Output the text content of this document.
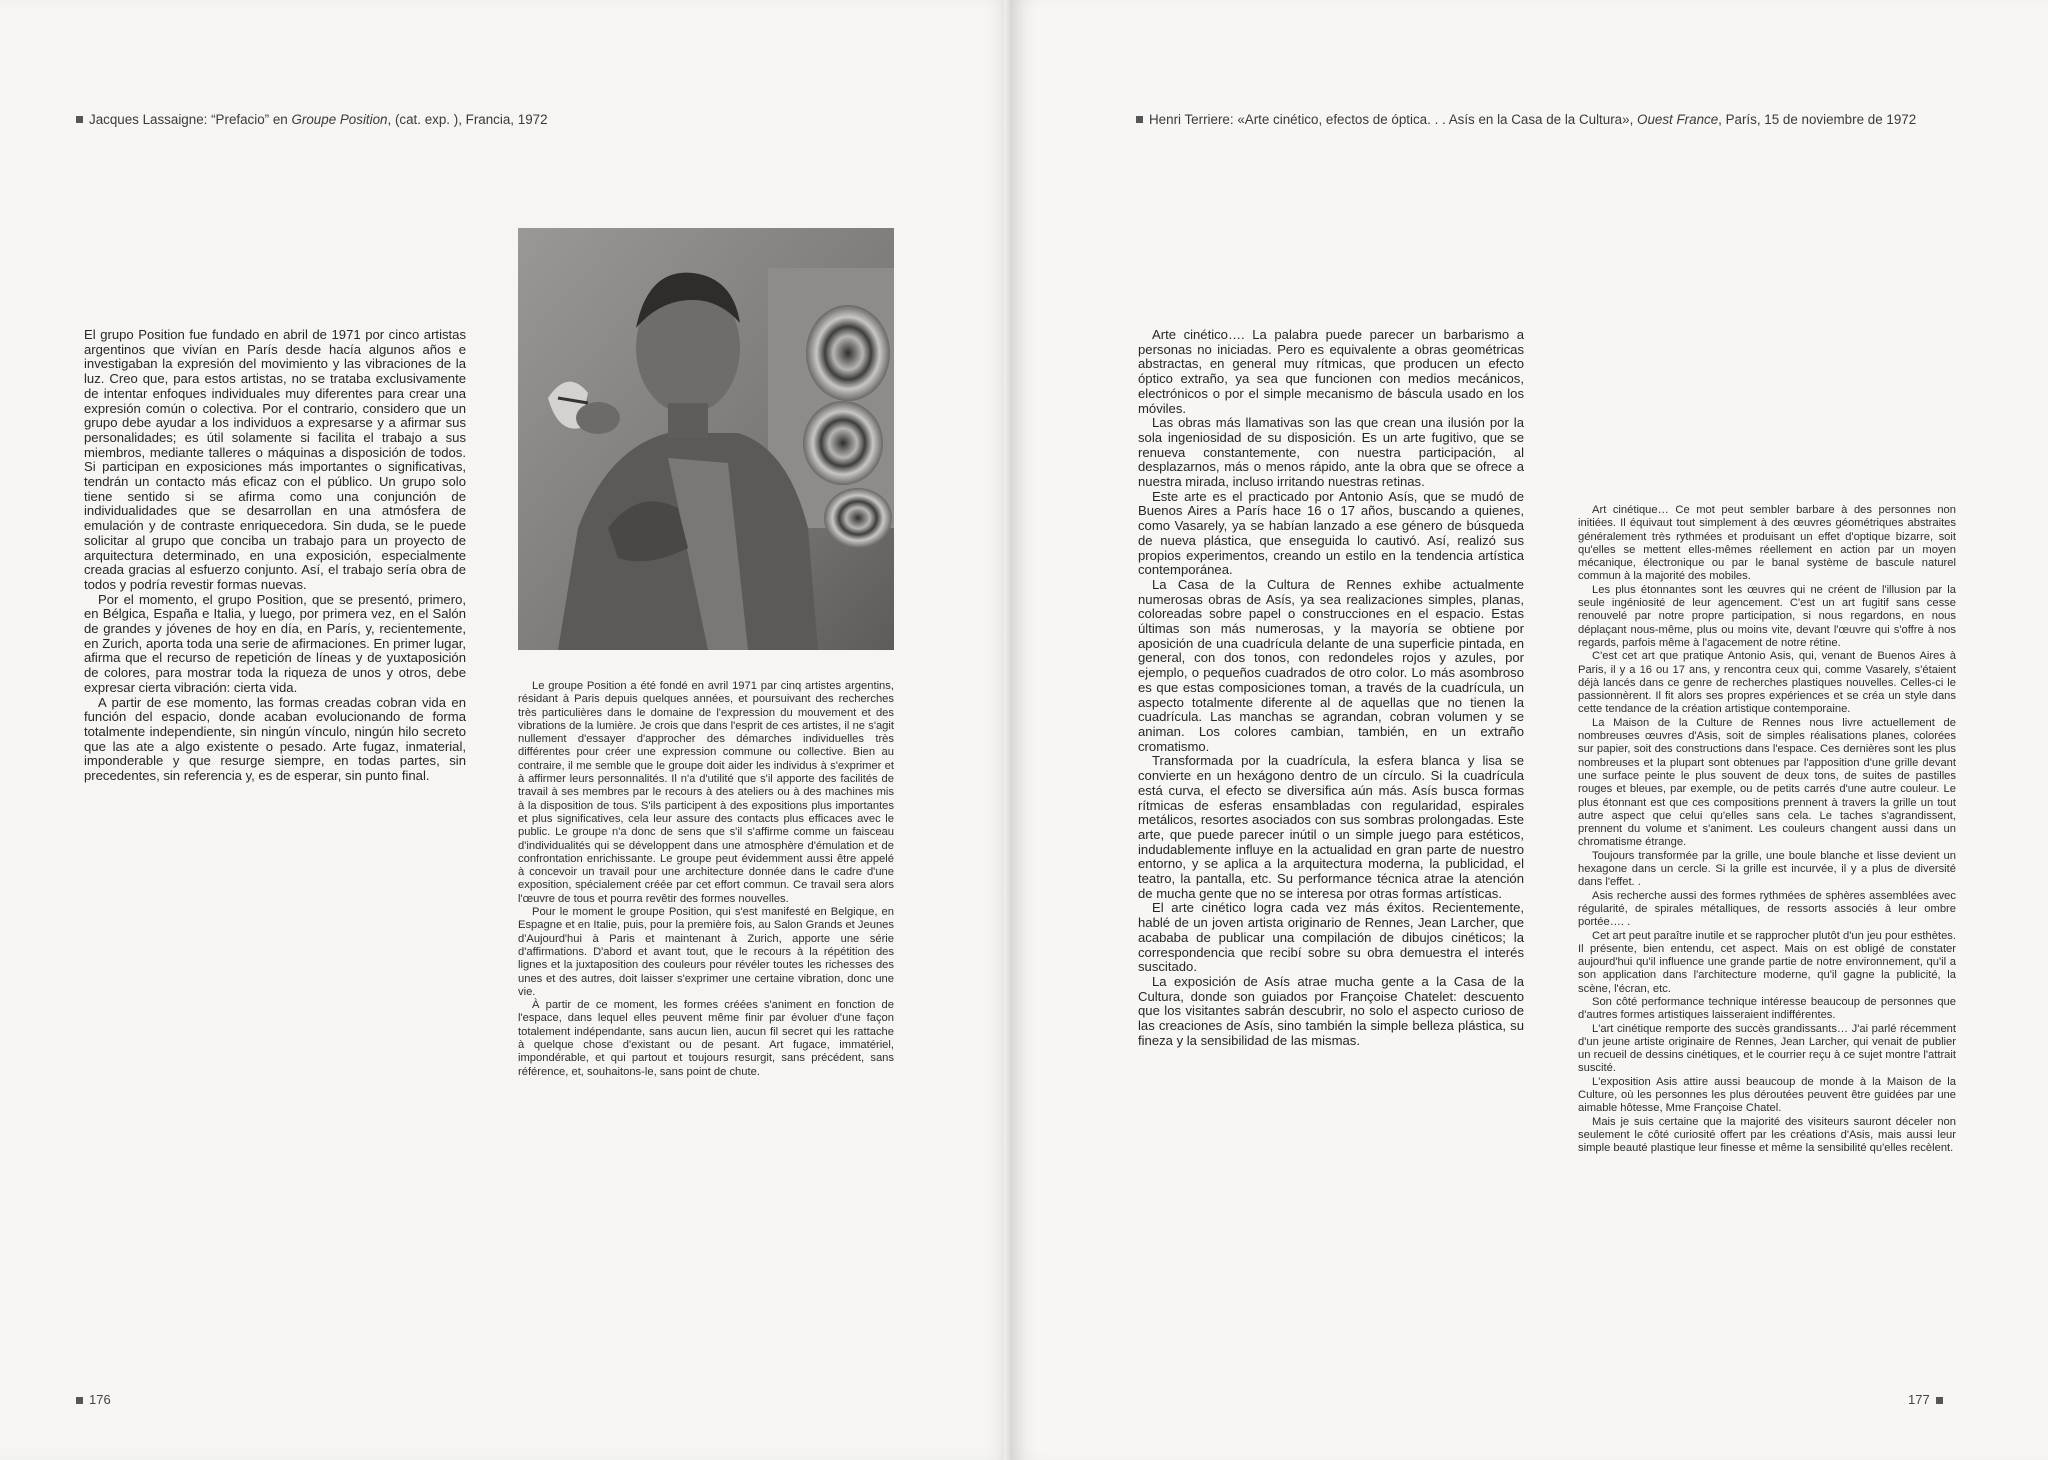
Jacques Lassaigne: “Prefacio” en Groupe Position, (cat. exp. ), Francia, 1972

El grupo Position fue fundado en abril de 1971 por cinco artistas argentinos que vivían en París desde hacía algunos años e investigaban la expresión del movimiento y las vibraciones de la luz. Creo que, para estos artistas, no se trataba exclusivamente de intentar enfoques individuales muy diferentes para crear una expresión común o colectiva. Por el contrario, considero que un grupo debe ayudar a los individuos a expresarse y a afirmar sus personalidades; es útil solamente si facilita el trabajo a sus miembros, mediante talleres o máquinas a disposición de todos. Si participan en exposiciones más importantes o significativas, tendrán un contacto más eficaz con el público. Un grupo solo tiene sentido si se afirma como una conjunción de individualidades que se desarrollan en una atmósfera de emulación y de contraste enriquecedora. Sin duda, se le puede solicitar al grupo que conciba un trabajo para un proyecto de arquitectura determinado, en una exposición, especialmente creada gracias al esfuerzo conjunto. Así, el trabajo sería obra de todos y podría revestir formas nuevas.

Por el momento, el grupo Position, que se presentó, primero, en Bélgica, España e Italia, y luego, por primera vez, en el Salón de grandes y jóvenes de hoy en día, en París, y, recientemente, en Zurich, aporta toda una serie de afirmaciones. En primer lugar, afirma que el recurso de repetición de líneas y de yuxtaposición de colores, para mostrar toda la riqueza de unos y otros, debe expresar cierta vibración: cierta vida.

A partir de ese momento, las formas creadas cobran vida en función del espacio, donde acaban evolucionando de forma totalmente independiente, sin ningún vínculo, ningún hilo secreto que las ate a algo existente o pesado. Arte fugaz, inmaterial, imponderable y que resurge siempre, en todas partes, sin precedentes, sin referencia y, es de esperar, sin punto final.

Le groupe Position a été fondé en avril 1971 par cinq artistes argentins, résidant à Paris depuis quelques années, et poursuivant des recherches très particulières dans le domaine de l'expression du mouvement et des vibrations de la lumière. Je crois que dans l'esprit de ces artistes, il ne s'agit nullement d'essayer d'approcher des démarches individuelles très différentes pour créer une expression commune ou collective. Bien au contraire, il me semble que le groupe doit aider les individus à s'exprimer et à affirmer leurs personnalités. Il n'a d'utilité que s'il apporte des facilités de travail à ses membres par le recours à des ateliers ou à des machines mis à la disposition de tous. S'ils participent à des expositions plus importantes et plus significatives, cela leur assure des contacts plus efficaces avec le public. Le groupe n'a donc de sens que s'il s'affirme comme un faisceau d'individualités qui se développent dans une atmosphère d'émulation et de confrontation enrichissante. Le groupe peut évidemment aussi être appelé à concevoir un travail pour une architecture donnée dans le cadre d'une exposition, spécialement créée par cet effort commun. Ce travail sera alors l'œuvre de tous et pourra revêtir des formes nouvelles.

Pour le moment le groupe Position, qui s'est manifesté en Belgique, en Espagne et en Italie, puis, pour la première fois, au Salon Grands et Jeunes d'Aujourd'hui à Paris et maintenant à Zurich, apporte une série d'affirmations. D'abord et avant tout, que le recours à la répétition des lignes et la juxtaposition des couleurs pour révéler toutes les richesses des unes et des autres, doit laisser s'exprimer une certaine vibration, donc une vie.

À partir de ce moment, les formes créées s'animent en fonction de l'espace, dans lequel elles peuvent même finir par évoluer d'une façon totalement indépendante, sans aucun lien, aucun fil secret qui les rattache à quelque chose d'existant ou de pesant. Art fugace, immatériel, impondérable, et qui partout et toujours resurgit, sans précédent, sans référence, et, souhaitons-le, sans point de chute.

176
Henri Terriere: «Arte cinético, efectos de óptica. . . Asís en la Casa de la Cultura», Ouest France, París, 15 de noviembre de 1972

Arte cinético…. La palabra puede parecer un barbarismo a personas no iniciadas. Pero es equivalente a obras geométricas abstractas, en general muy rítmicas, que producen un efecto óptico extraño, ya sea que funcionen con medios mecánicos, electrónicos o por el simple mecanismo de báscula usado en los móviles.

Las obras más llamativas son las que crean una ilusión por la sola ingeniosidad de su disposición. Es un arte fugitivo, que se renueva constantemente, con nuestra participación, al desplazarnos, más o menos rápido, ante la obra que se ofrece a nuestra mirada, incluso irritando nuestras retinas.

Este arte es el practicado por Antonio Asís, que se mudó de Buenos Aires a París hace 16 o 17 años, buscando a quienes, como Vasarely, ya se habían lanzado a ese género de búsqueda de nueva plástica, que enseguida lo cautivó. Así, realizó sus propios experimentos, creando un estilo en la tendencia artística contemporánea.

La Casa de la Cultura de Rennes exhibe actualmente numerosas obras de Asís, ya sea realizaciones simples, planas, coloreadas sobre papel o construcciones en el espacio. Estas últimas son más numerosas, y la mayoría se obtiene por aposición de una cuadrícula delante de una superficie pintada, en general, con dos tonos, con redondeles rojos y azules, por ejemplo, o pequeños cuadrados de otro color. Lo más asombroso es que estas composiciones toman, a través de la cuadrícula, un aspecto totalmente diferente al de aquellas que no tienen la cuadrícula. Las manchas se agrandan, cobran volumen y se animan. Los colores cambian, también, en un extraño cromatismo.

Transformada por la cuadrícula, la esfera blanca y lisa se convierte en un hexágono dentro de un círculo. Si la cuadrícula está curva, el efecto se diversifica aún más. Asís busca formas rítmicas de esferas ensambladas con regularidad, espirales metálicos, resortes asociados con sus sombras prolongadas. Este arte, que puede parecer inútil o un simple juego para estéticos, indudablemente influye en la actualidad en gran parte de nuestro entorno, y se aplica a la arquitectura moderna, la publicidad, el teatro, la pantalla, etc. Su performance técnica atrae la atención de mucha gente que no se interesa por otras formas artísticas.

El arte cinético logra cada vez más éxitos. Recientemente, hablé de un joven artista originario de Rennes, Jean Larcher, que acababa de publicar una compilación de dibujos cinéticos; la correspondencia que recibí sobre su obra demuestra el interés suscitado.

La exposición de Asís atrae mucha gente a la Casa de la Cultura, donde son guiados por Françoise Chatelet: descuento que los visitantes sabrán descubrir, no solo el aspecto curioso de las creaciones de Asís, sino también la simple belleza plástica, su fineza y la sensibilidad de las mismas.

Art cinétique… Ce mot peut sembler barbare à des personnes non initiées. Il équivaut tout simplement à des œuvres géométriques abstraites généralement très rythmées et produisant un effet d'optique bizarre, soit qu'elles se mettent elles-mêmes réellement en action par un moyen mécanique, électronique ou par le banal système de bascule naturel commun à la majorité des mobiles.

Les plus étonnantes sont les œuvres qui ne créent de l'illusion par la seule ingéniosité de leur agencement. C'est un art fugitif sans cesse renouvelé par notre propre participation, si nous regardons, en nous déplaçant nous-même, plus ou moins vite, devant l'œuvre qui s'offre à nos regards, parfois même à l'agacement de notre rétine.

C'est cet art que pratique Antonio Asis, qui, venant de Buenos Aires à Paris, il y a 16 ou 17 ans, y rencontra ceux qui, comme Vasarely, s'étaient déjà lancés dans ce genre de recherches plastiques nouvelles. Celles-ci le passionnèrent. Il fit alors ses propres expériences et se créa un style dans cette tendance de la création artistique contemporaine.

La Maison de la Culture de Rennes nous livre actuellement de nombreuses œuvres d'Asis, soit de simples réalisations planes, colorées sur papier, soit des constructions dans l'espace. Ces dernières sont les plus nombreuses et la plupart sont obtenues par l'apposition d'une grille devant une surface peinte le plus souvent de deux tons, de suites de pastilles rouges et bleues, par exemple, ou de petits carrés d'une autre couleur. Le plus étonnant est que ces compositions prennent à travers la grille un tout autre aspect que celui qu'elles sans cela. Le taches s'agrandissent, prennent du volume et s'animent. Les couleurs changent aussi dans un chromatisme étrange.

Toujours transformée par la grille, une boule blanche et lisse devient un hexagone dans un cercle. Si la grille est incurvée, il y a plus de diversité dans l'effet. .

Asis recherche aussi des formes rythmées de sphères assemblées avec régularité, de spirales métalliques, de ressorts associés à leur ombre portée…. .

Cet art peut paraître inutile et se rapprocher plutôt d'un jeu pour esthètes. Il présente, bien entendu, cet aspect. Mais on est obligé de constater aujourd'hui qu'il influence une grande partie de notre environnement, qu'il a son application dans l'architecture moderne, qu'il gagne la publicité, la scène, l'écran, etc.

Son côté performance technique intéresse beaucoup de personnes que d'autres formes artistiques laisseraient indifférentes.

L'art cinétique remporte des succès grandissants… J'ai parlé récemment d'un jeune artiste originaire de Rennes, Jean Larcher, qui venait de publier un recueil de dessins cinétiques, et le courrier reçu à ce sujet montre l'attrait suscité.

L'exposition Asis attire aussi beaucoup de monde à la Maison de la Culture, où les personnes les plus déroutées peuvent être guidées par une aimable hôtesse, Mme Françoise Chatel.

Mais je suis certaine que la majorité des visiteurs sauront déceler non seulement le côté curiosité offert par les créations d'Asis, mais aussi leur simple beauté plastique leur finesse et même la sensibilité qu'elles recèlent.

177
